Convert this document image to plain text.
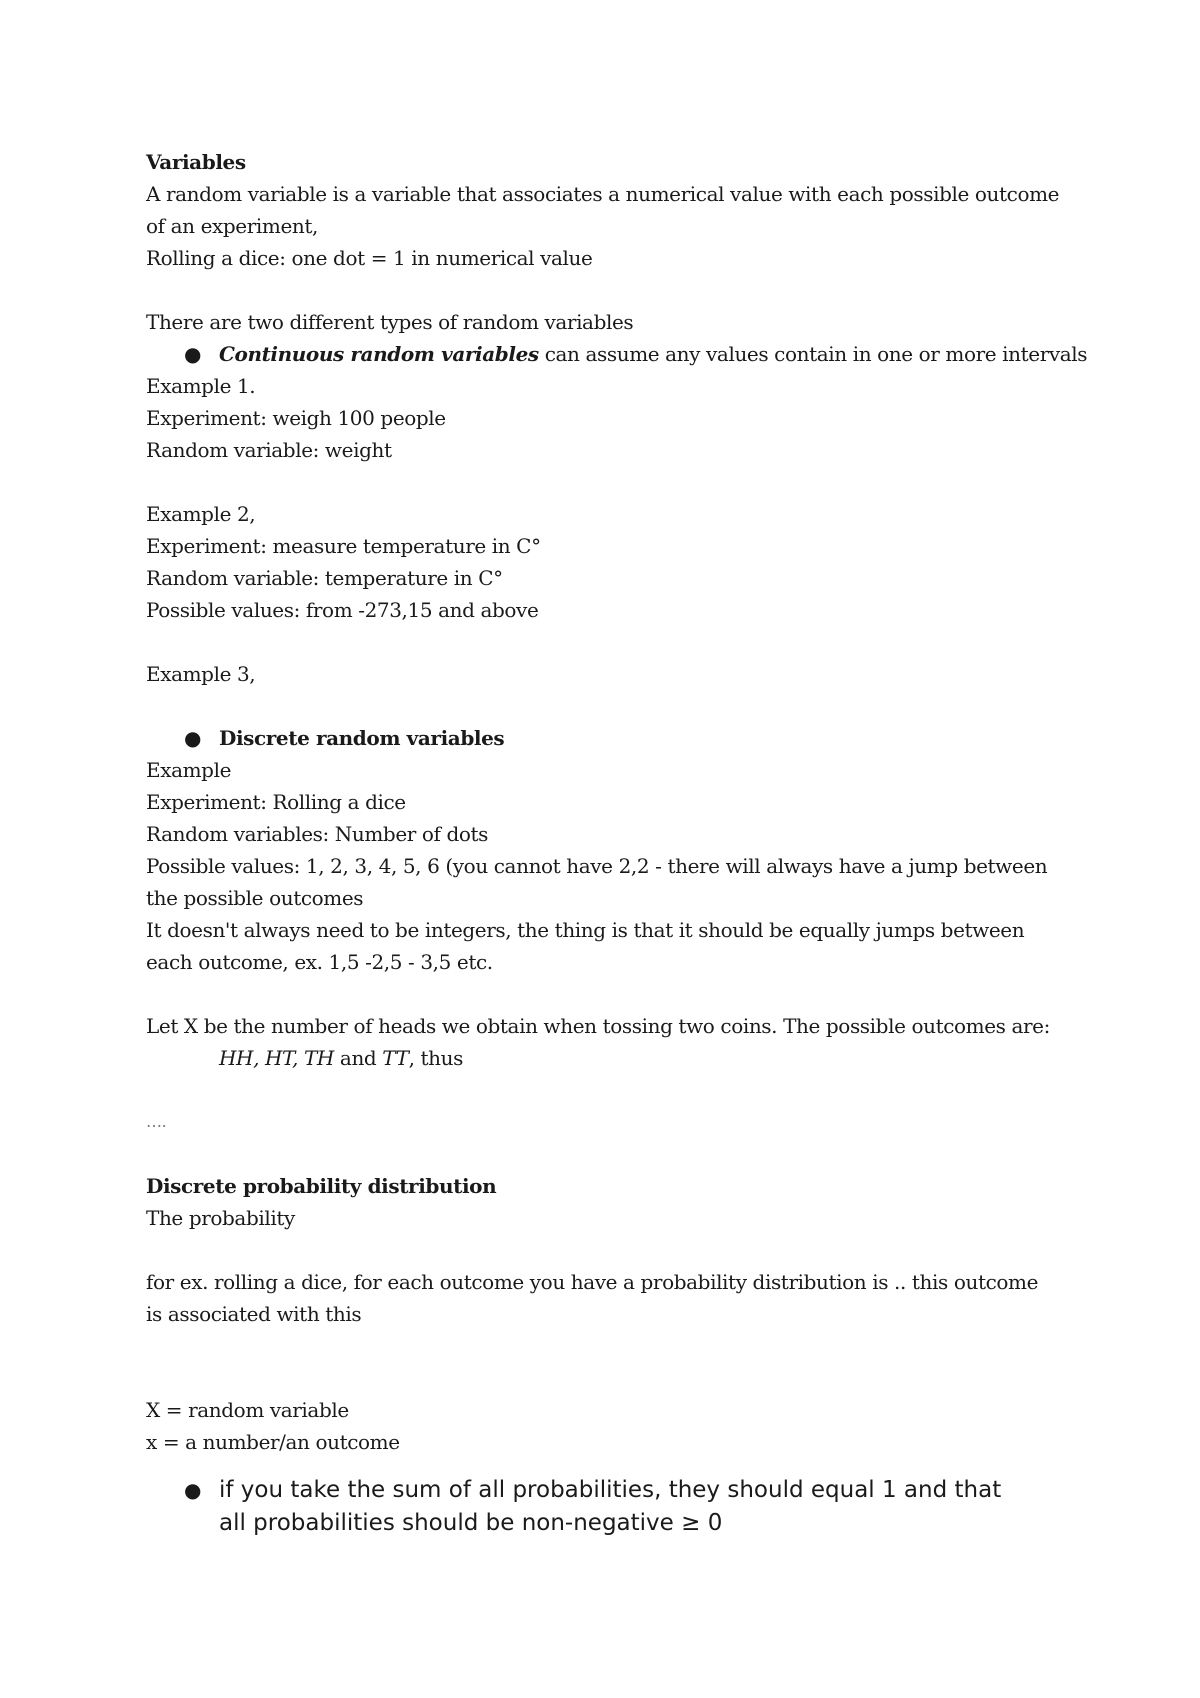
Variables
A random variable is a variable that associates a numerical value with each possible outcome
of an experiment,
Rolling a dice: one dot = 1 in numerical value
There are two different types of random variables
● Continuous random variables can assume any values contain in one or more intervals
Example 1.
Experiment: weigh 100 people
Random variable: weight
Example 2,
Experiment: measure temperature in C°
Random variable: temperature in C°
Possible values: from -273,15 and above
Example 3,
● Discrete random variables
Example
Experiment: Rolling a dice
Random variables: Number of dots
Possible values: 1, 2, 3, 4, 5, 6 (you cannot have 2,2 - there will always have a jump between
the possible outcomes
It doesn't always need to be integers, the thing is that it should be equally jumps between
each outcome, ex. 1,5 -2,5 - 3,5 etc.
Let X be the number of heads we obtain when tossing two coins. The possible outcomes are:
HH, HT, TH and TT, thus
….
Discrete probability distribution
The probability
for ex. rolling a dice, for each outcome you have a probability distribution is .. this outcome
is associated with this
X = random variable
x = a number/an outcome
● if you take the sum of all probabilities, they should equal 1 and that
all probabilities should be non-negative ≥ 0
